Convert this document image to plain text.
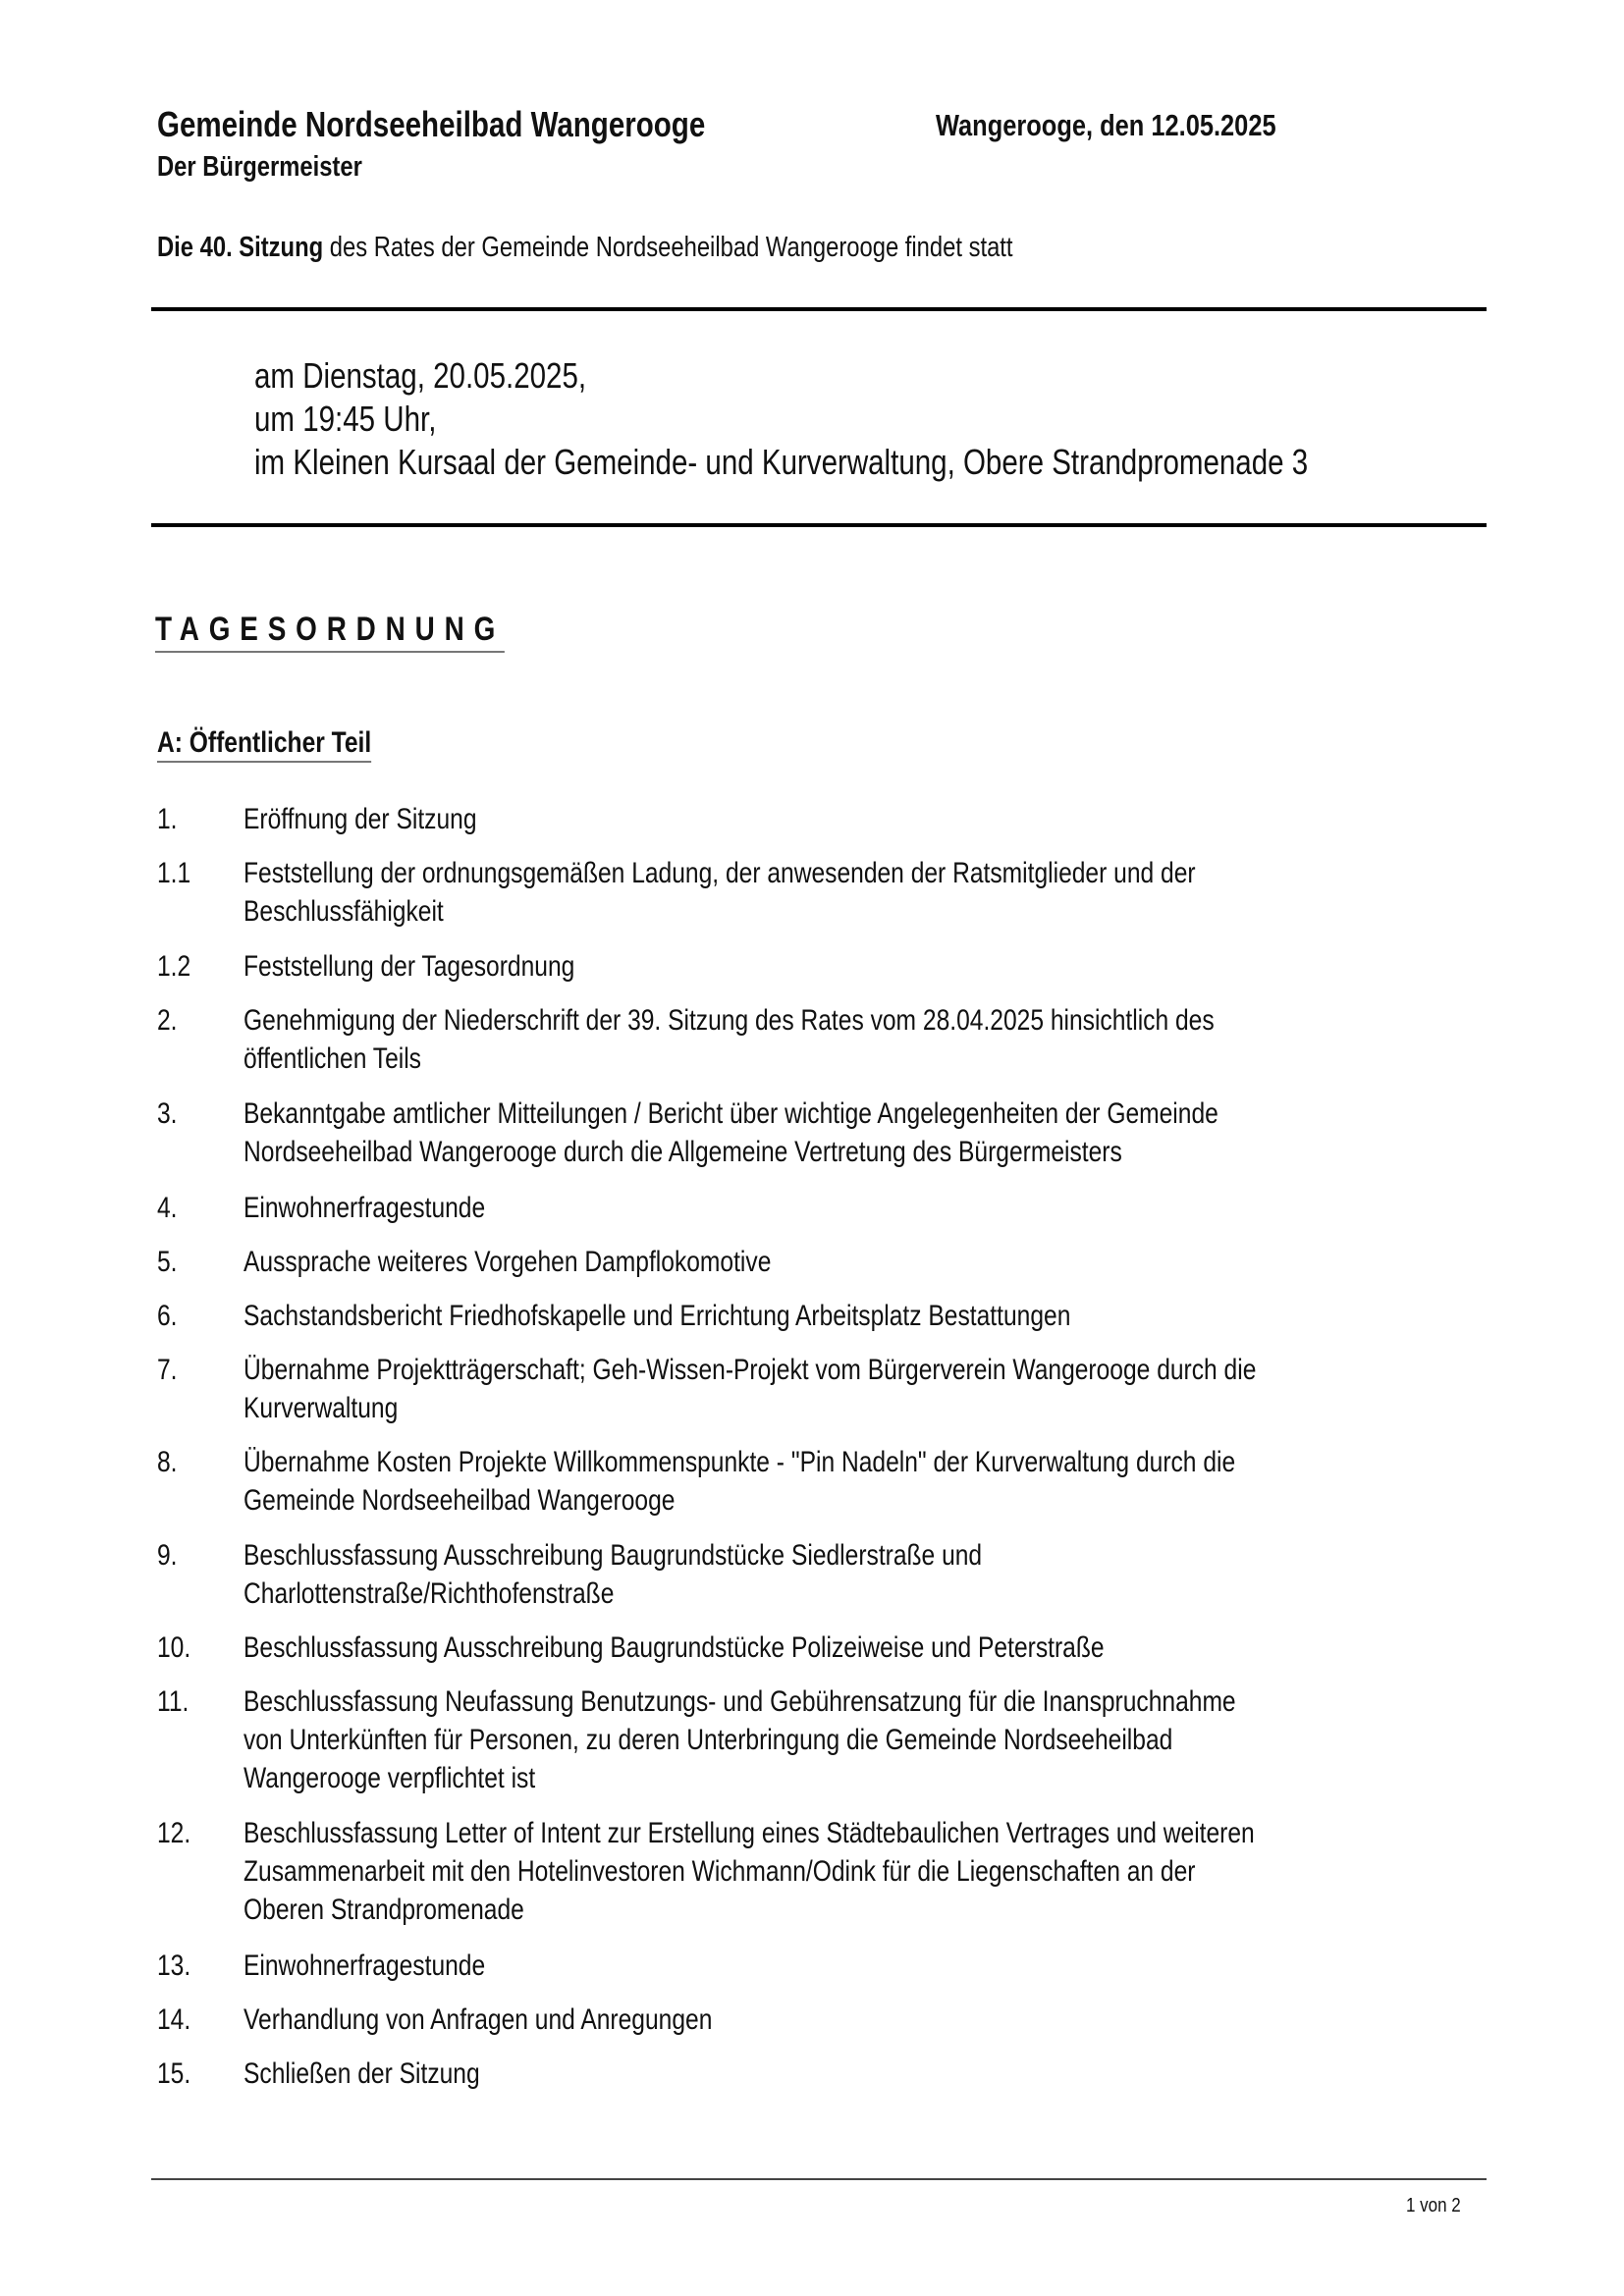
Gemeinde Nordseeheilbad Wangerooge	Wangerooge, den 12.05.2025
Der Bürgermeister
Die 40. Sitzung des Rates der Gemeinde Nordseeheilbad Wangerooge findet statt
am Dienstag, 20.05.2025,
um 19:45 Uhr,
im Kleinen Kursaal der Gemeinde- und Kurverwaltung, Obere Strandpromenade 3
TAGESORDNUNG
A: Öffentlicher Teil
1. Eröffnung der Sitzung
1.1 Feststellung der ordnungsgemäßen Ladung, der anwesenden der Ratsmitglieder und der
Beschlussfähigkeit
1.2 Feststellung der Tagesordnung
2. Genehmigung der Niederschrift der 39. Sitzung des Rates vom 28.04.2025 hinsichtlich des
öffentlichen Teils
3. Bekanntgabe amtlicher Mitteilungen / Bericht über wichtige Angelegenheiten der Gemeinde
Nordseeheilbad Wangerooge durch die Allgemeine Vertretung des Bürgermeisters
4. Einwohnerfragestunde
5. Aussprache weiteres Vorgehen Dampflokomotive
6. Sachstandsbericht Friedhofskapelle und Errichtung Arbeitsplatz Bestattungen
7. Übernahme Projektträgerschaft; Geh-Wissen-Projekt vom Bürgerverein Wangerooge durch die
Kurverwaltung
8. Übernahme Kosten Projekte Willkommenspunkte - "Pin Nadeln" der Kurverwaltung durch die
Gemeinde Nordseeheilbad Wangerooge
9. Beschlussfassung Ausschreibung Baugrundstücke Siedlerstraße und
Charlottenstraße/Richthofenstraße
10. Beschlussfassung Ausschreibung Baugrundstücke Polizeiweise und Peterstraße
11. Beschlussfassung Neufassung Benutzungs- und Gebührensatzung für die Inanspruchnahme
von Unterkünften für Personen, zu deren Unterbringung die Gemeinde Nordseeheilbad
Wangerooge verpflichtet ist
12. Beschlussfassung Letter of Intent zur Erstellung eines Städtebaulichen Vertrages und weiteren
Zusammenarbeit mit den Hotelinvestoren Wichmann/Odink für die Liegenschaften an der
Oberen Strandpromenade
13. Einwohnerfragestunde
14. Verhandlung von Anfragen und Anregungen
15. Schließen der Sitzung
1 von 2
